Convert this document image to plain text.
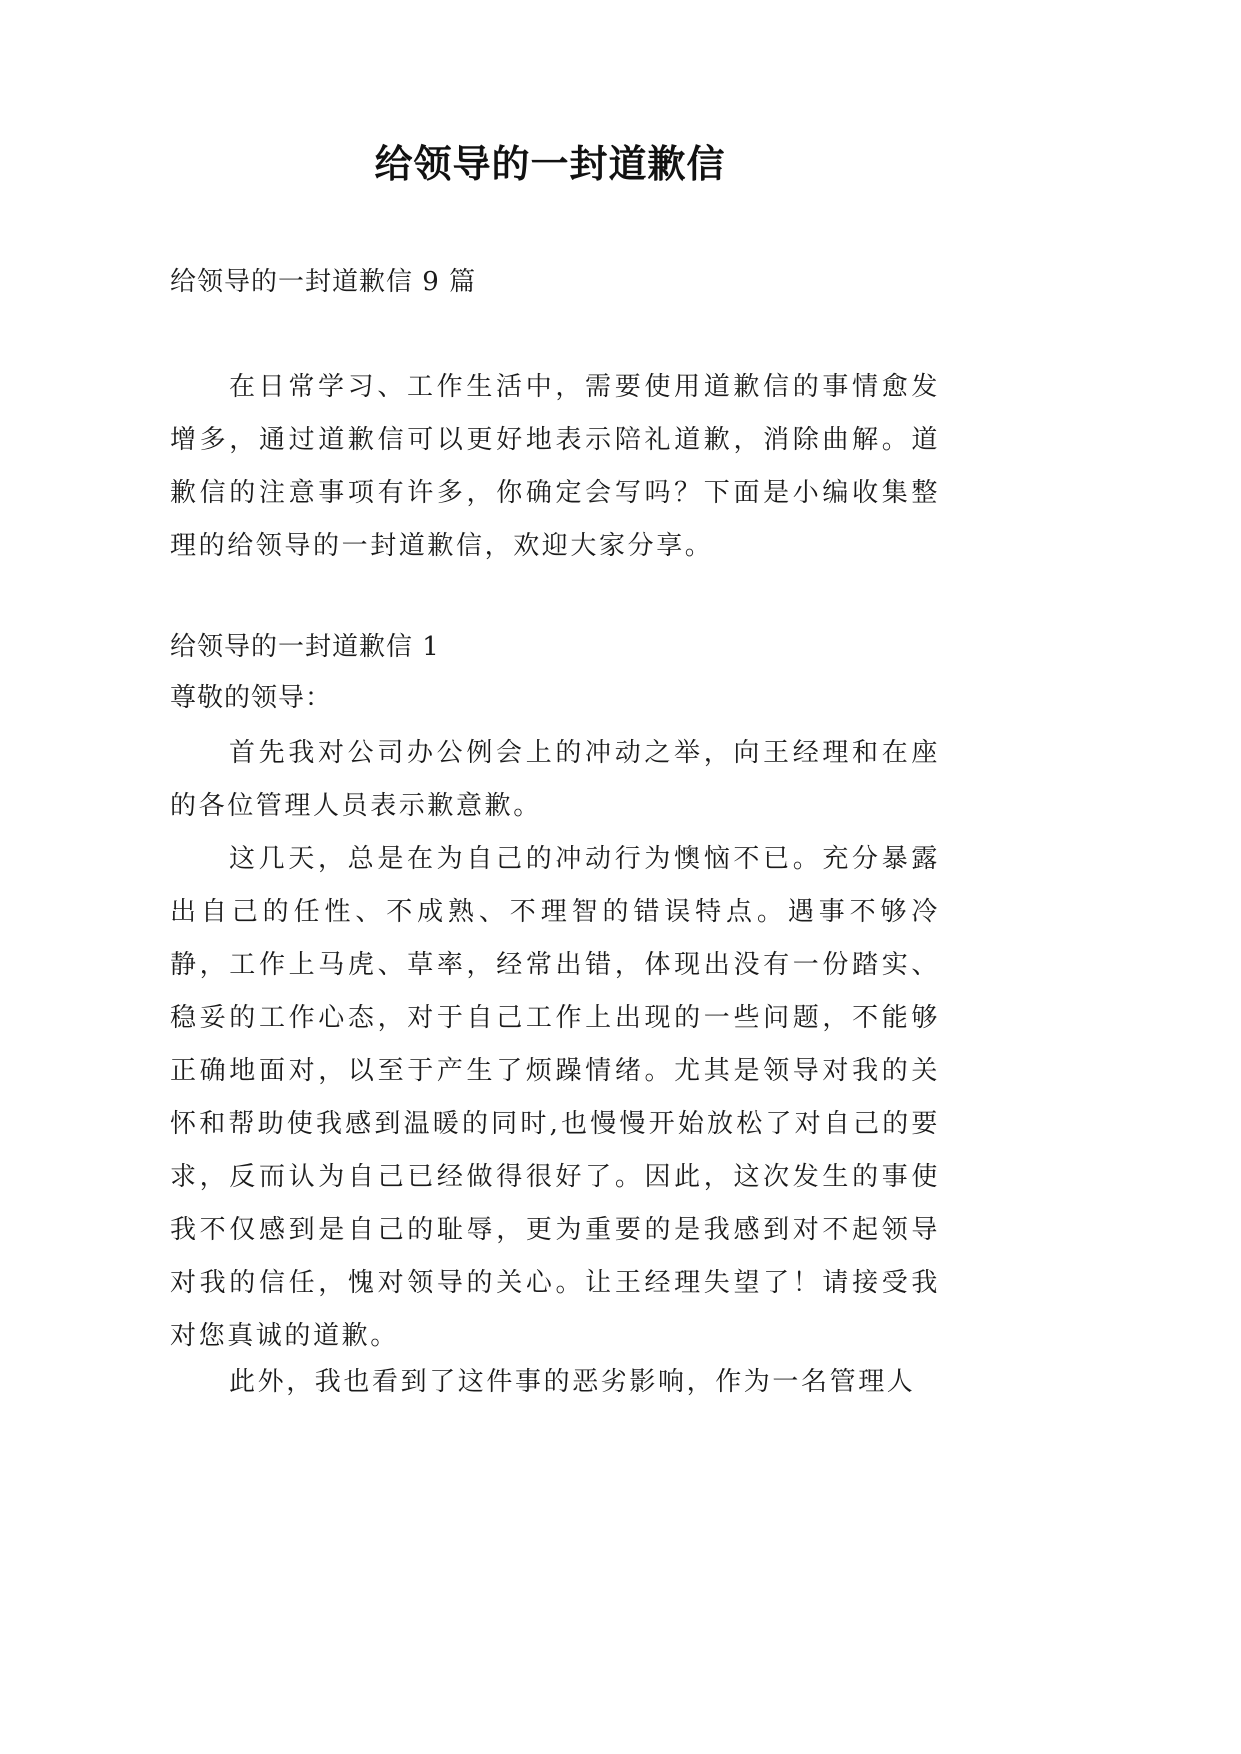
给领导的一封道歉信

给领导的一封道歉信 9 篇

在日常学习、工作生活中，需要使用道歉信的事情愈发增多，通过道歉信可以更好地表示陪礼道歉，消除曲解。道歉信的注意事项有许多，你确定会写吗？下面是小编收集整理的给领导的一封道歉信，欢迎大家分享。

给领导的一封道歉信 1

尊敬的领导：

首先我对公司办公例会上的冲动之举，向王经理和在座的各位管理人员表示歉意歉。

这几天，总是在为自己的冲动行为懊恼不已。充分暴露出自己的任性、不成熟、不理智的错误特点。遇事不够冷静，工作上马虎、草率，经常出错，体现出没有一份踏实、稳妥的工作心态，对于自己工作上出现的一些问题，不能够正确地面对，以至于产生了烦躁情绪。尤其是领导对我的关怀和帮助使我感到温暖的同时,也慢慢开始放松了对自己的要求，反而认为自己已经做得很好了。因此，这次发生的事使我不仅感到是自己的耻辱，更为重要的是我感到对不起领导对我的信任，愧对领导的关心。让王经理失望了！请接受我对您真诚的道歉。

此外，我也看到了这件事的恶劣影响，作为一名管理人
